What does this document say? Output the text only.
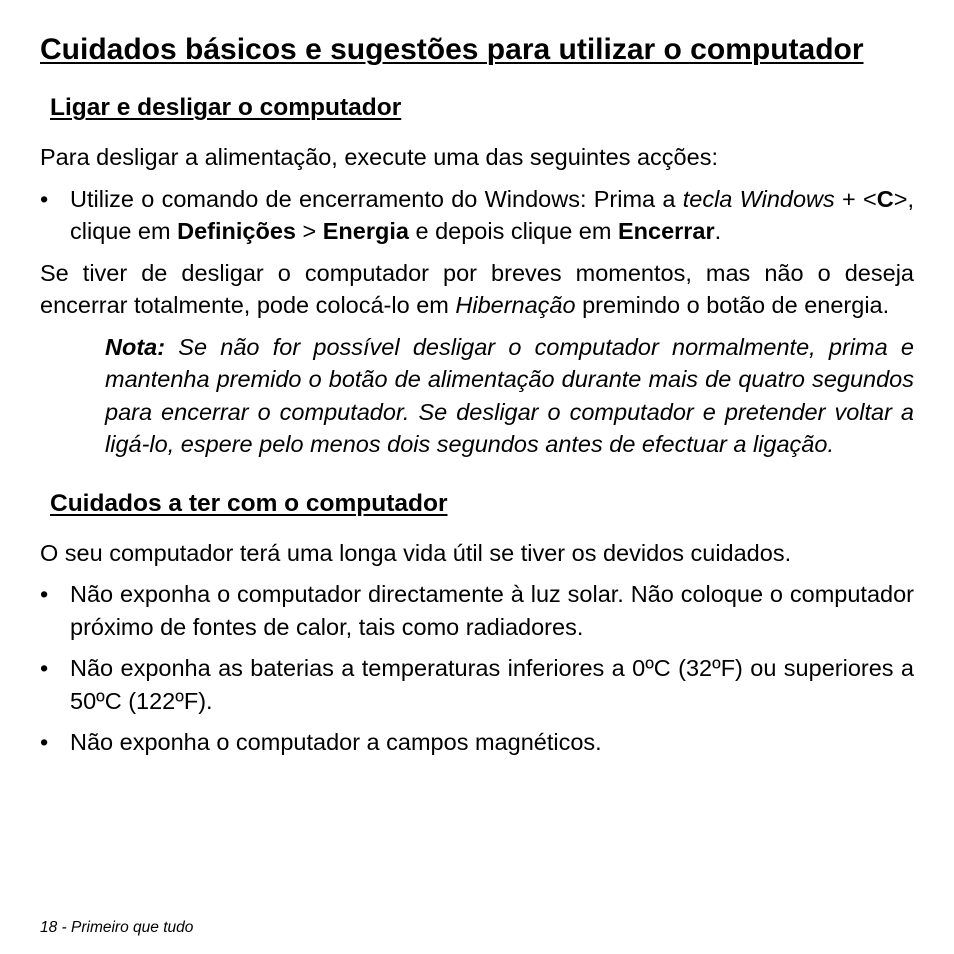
Cuidados básicos e sugestões para utilizar o computador
Ligar e desligar o computador

Para desligar a alimentação, execute uma das seguintes acções:

• Utilize o comando de encerramento do Windows: Prima a tecla Windows + <C>, clique em Definições > Energia e depois clique em Encerrar.

Se tiver de desligar o computador por breves momentos, mas não o deseja encerrar totalmente, pode colocá-lo em Hibernação premindo o botão de energia.

Nota: Se não for possível desligar o computador normalmente, prima e mantenha premido o botão de alimentação durante mais de quatro segundos para encerrar o computador. Se desligar o computador e pretender voltar a ligá-lo, espere pelo menos dois segundos antes de efectuar a ligação.
Cuidados a ter com o computador

O seu computador terá uma longa vida útil se tiver os devidos cuidados.

• Não exponha o computador directamente à luz solar. Não coloque o computador próximo de fontes de calor, tais como radiadores.
• Não exponha as baterias a temperaturas inferiores a 0ºC (32ºF) ou superiores a 50ºC (122ºF).
• Não exponha o computador a campos magnéticos.
18 - Primeiro que tudo
